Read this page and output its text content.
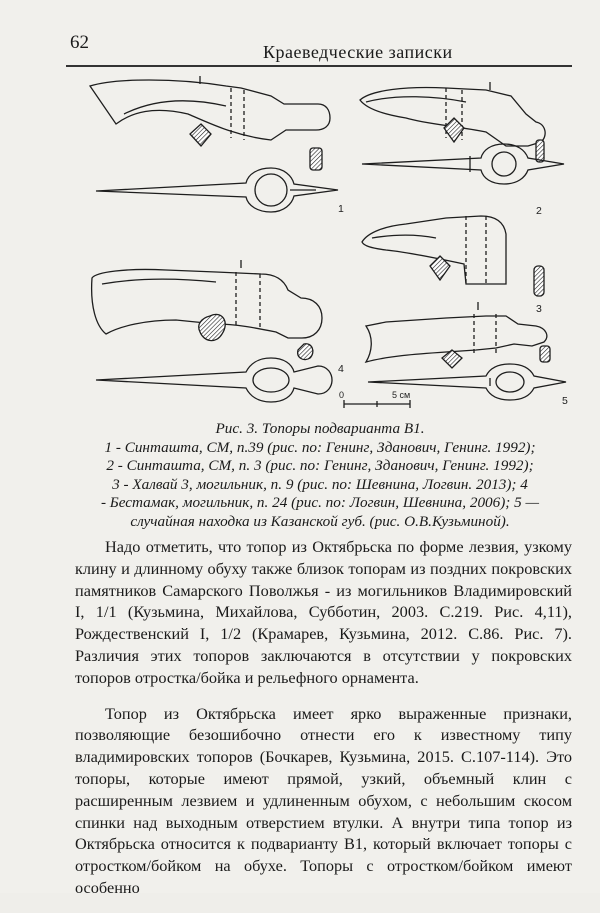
62	Краеведческие записки
1	2
3
4
5
0	5 см
Рис. 3. Топоры подварианта В1.
1 - Синташта, СМ, п.39 (рис. по: Генинг, Зданович, Генинг. 1992);
2 - Синташта, СМ, п. 3 (рис. по: Генинг, Зданович, Генинг. 1992);
3 - Халвай 3, могильник, п. 9 (рис. по: Шевнина, Логвин. 2013); 4
- Бестамак, могильник, п. 24 (рис. по: Логвин, Шевнина, 2006); 5 —
случайная находка из Казанской губ. (рис. О.В.Кузьминой).

Надо отметить, что топор из Октябрьска по форме лезвия, узкому клину и длинному обуху также близок топорам из поздних покровских памятников Самарского Поволжья - из могильников Владимировский I, 1/1 (Кузьмина, Михайлова, Субботин, 2003. С.219. Рис. 4,11), Рождественский I, 1/2 (Крамарев, Кузьмина, 2012. С.86. Рис. 7). Различия этих топоров заключаются в отсутствии у покровских топоров отростка/бойка и рельефного орнамента.

Топор из Октябрьска имеет ярко выраженные признаки, позволяющие безошибочно отнести его к известному типу владимировских топоров (Бочкарев, Кузьмина, 2015. С.107-114). Это топоры, которые имеют прямой, узкий, объемный клин с расширенным лезвием и удлиненным обухом, с небольшим скосом спинки над выходным отверстием втулки. А внутри типа топор из Октябрьска относится к подварианту В1, который включает топоры с отростком/бойком на обухе. Топоры с отростком/бойком имеют особенно
